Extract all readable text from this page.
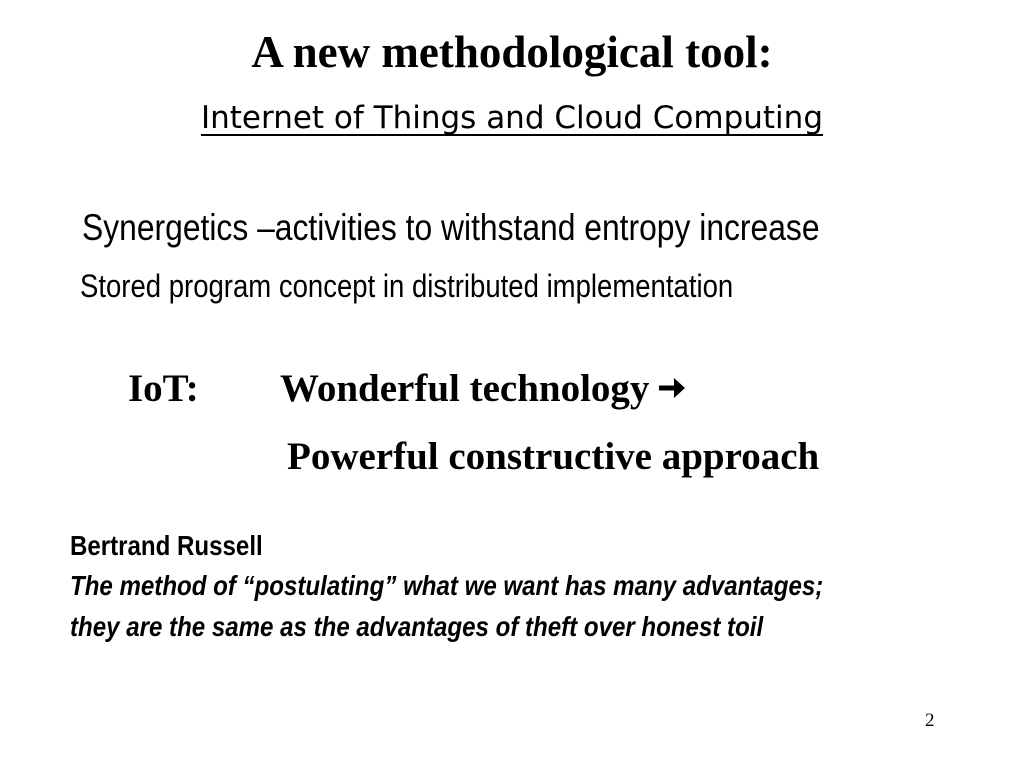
A new methodological tool:
Internet of Things and Cloud Computing
Synergetics –activities to withstand entropy increase
Stored program concept in distributed implementation
IoT: Wonderful technology
Powerful constructive approach
Bertrand Russell
The method of “postulating” what we want has many advantages;
they are the same as the advantages of theft over honest toil
2
